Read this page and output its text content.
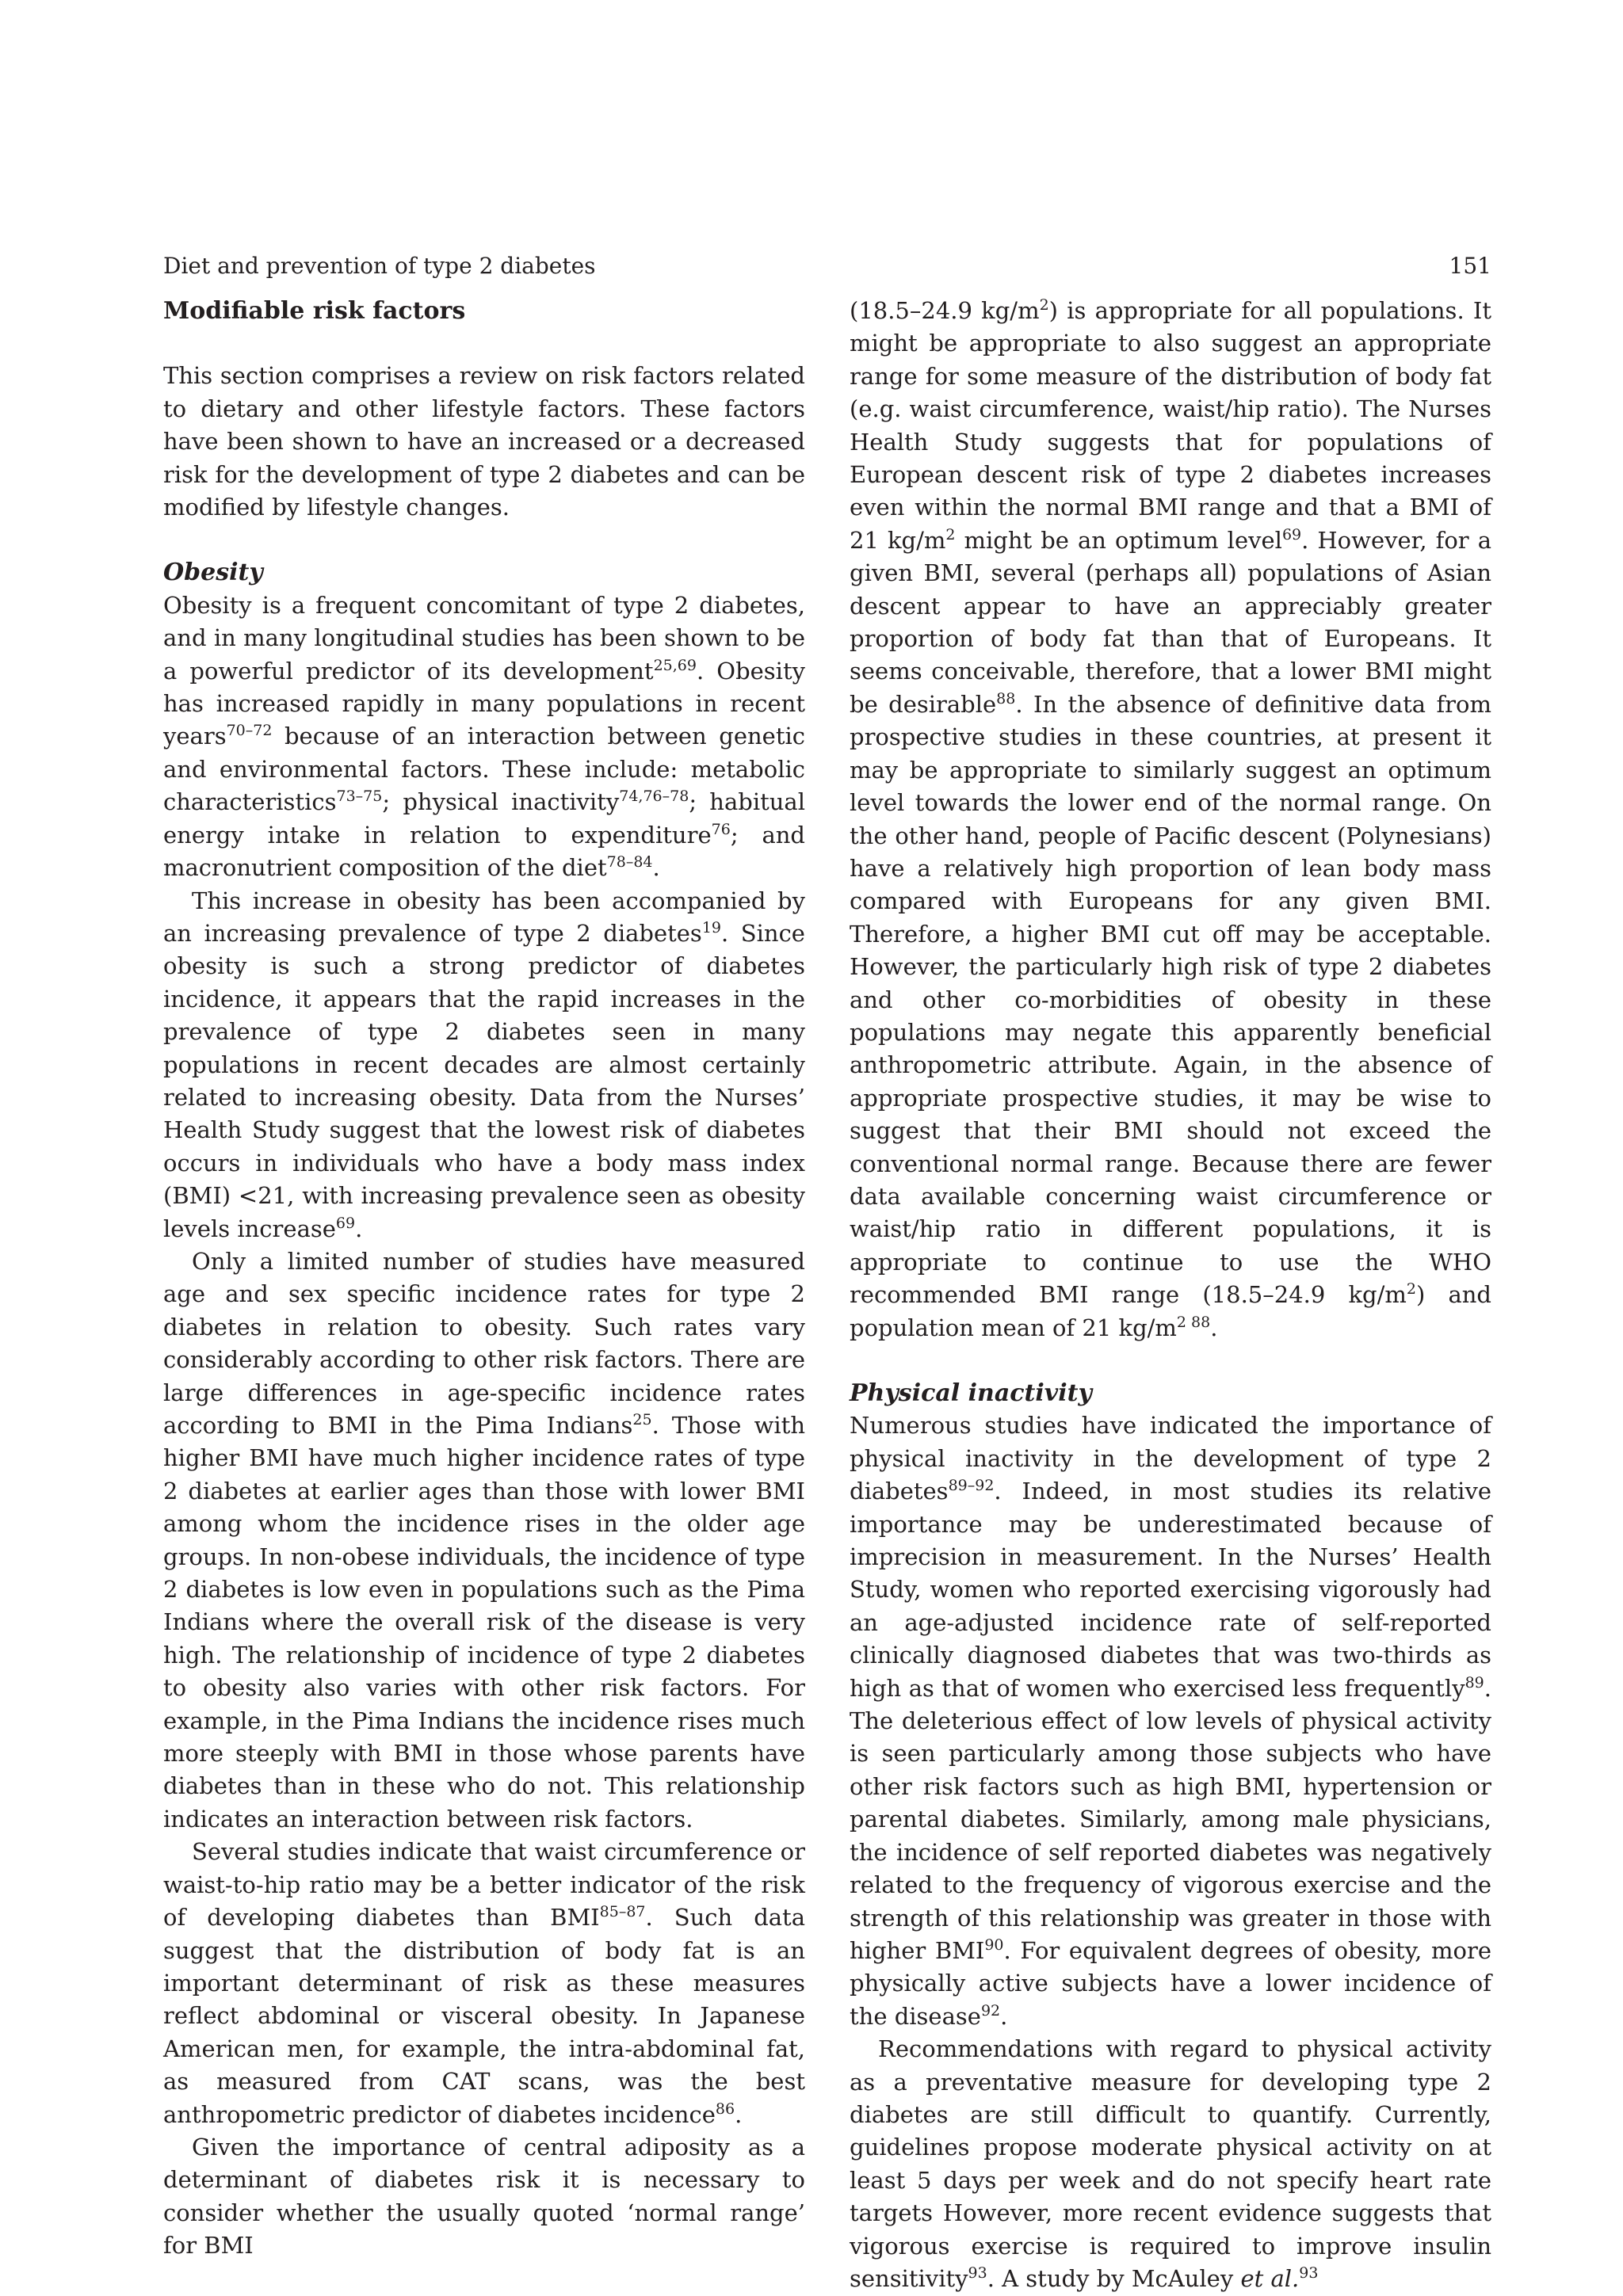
Diet and prevention of type 2 diabetes	151
Modifiable risk factors

This section comprises a review on risk factors related to dietary and other lifestyle factors. These factors have been shown to have an increased or a decreased risk for the development of type 2 diabetes and can be modified by lifestyle changes.

Obesity

Obesity is a frequent concomitant of type 2 diabetes, and in many longitudinal studies has been shown to be a powerful predictor of its development$^{25,69}$. Obesity has increased rapidly in many populations in recent years$^{70-72}$ because of an interaction between genetic and environmental factors. These include: metabolic characteristics$^{73-75}$; physical inactivity$^{74,76-78}$; habitual energy intake in relation to expenditure$^{76}$; and macronutrient composition of the diet$^{78-84}$.

This increase in obesity has been accompanied by an increasing prevalence of type 2 diabetes$^{19}$. Since obesity is such a strong predictor of diabetes incidence, it appears that the rapid increases in the prevalence of type 2 diabetes seen in many populations in recent decades are almost certainly related to increasing obesity. Data from the Nurses’ Health Study suggest that the lowest risk of diabetes occurs in individuals who have a body mass index (BMI) <21, with increasing prevalence seen as obesity levels increase$^{69}$.

Only a limited number of studies have measured age and sex specific incidence rates for type 2 diabetes in relation to obesity. Such rates vary considerably according to other risk factors. There are large differences in age-specific incidence rates according to BMI in the Pima Indians$^{25}$. Those with higher BMI have much higher incidence rates of type 2 diabetes at earlier ages than those with lower BMI among whom the incidence rises in the older age groups. In non-obese individuals, the incidence of type 2 diabetes is low even in populations such as the Pima Indians where the overall risk of the disease is very high. The relationship of incidence of type 2 diabetes to obesity also varies with other risk factors. For example, in the Pima Indians the incidence rises much more steeply with BMI in those whose parents have diabetes than in these who do not. This relationship indicates an interaction between risk factors.

Several studies indicate that waist circumference or waist-to-hip ratio may be a better indicator of the risk of developing diabetes than BMI$^{85-87}$. Such data suggest that the distribution of body fat is an important determinant of risk as these measures reflect abdominal or visceral obesity. In Japanese American men, for example, the intra-abdominal fat, as measured from CAT scans, was the best anthropometric predictor of diabetes incidence$^{86}$.

Given the importance of central adiposity as a determinant of diabetes risk it is necessary to consider whether the usually quoted ‘normal range’ for BMI

(18.5–24.9 $kg/m^2$) is appropriate for all populations. It might be appropriate to also suggest an appropriate range for some measure of the distribution of body fat (e.g. waist circumference, waist/hip ratio). The Nurses Health Study suggests that for populations of European descent risk of type 2 diabetes increases even within the normal BMI range and that a BMI of 21 $kg/m^2$ might be an optimum level$^{69}$. However, for a given BMI, several (perhaps all) populations of Asian descent appear to have an appreciably greater proportion of body fat than that of Europeans. It seems conceivable, therefore, that a lower BMI might be desirable$^{88}$. In the absence of definitive data from prospective studies in these countries, at present it may be appropriate to similarly suggest an optimum level towards the lower end of the normal range. On the other hand, people of Pacific descent (Polynesians) have a relatively high proportion of lean body mass compared with Europeans for any given BMI. Therefore, a higher BMI cut off may be acceptable. However, the particularly high risk of type 2 diabetes and other co-morbidities of obesity in these populations may negate this apparently beneficial anthropometric attribute. Again, in the absence of appropriate prospective studies, it may be wise to suggest that their BMI should not exceed the conventional normal range. Because there are fewer data available concerning waist circumference or waist/hip ratio in different populations, it is appropriate to continue to use the WHO recommended BMI range (18.5–24.9 $kg/m^2$) and population mean of 21 $kg/m^{2 88}$.

Physical inactivity

Numerous studies have indicated the importance of physical inactivity in the development of type 2 diabetes$^{89-92}$. Indeed, in most studies its relative importance may be underestimated because of imprecision in measurement. In the Nurses’ Health Study, women who reported exercising vigorously had an age-adjusted incidence rate of self-reported clinically diagnosed diabetes that was two-thirds as high as that of women who exercised less frequently$^{89}$. The deleterious effect of low levels of physical activity is seen particularly among those subjects who have other risk factors such as high BMI, hypertension or parental diabetes. Similarly, among male physicians, the incidence of self reported diabetes was negatively related to the frequency of vigorous exercise and the strength of this relationship was greater in those with higher BMI$^{90}$. For equivalent degrees of obesity, more physically active subjects have a lower incidence of the disease$^{92}$.

Recommendations with regard to physical activity as a preventative measure for developing type 2 diabetes are still difficult to quantify. Currently, guidelines propose moderate physical activity on at least 5 days per week and do not specify heart rate targets However, more recent evidence suggests that vigorous exercise is required to improve insulin sensitivity$^{93}$. A study by McAuley et al.$^{93}$
